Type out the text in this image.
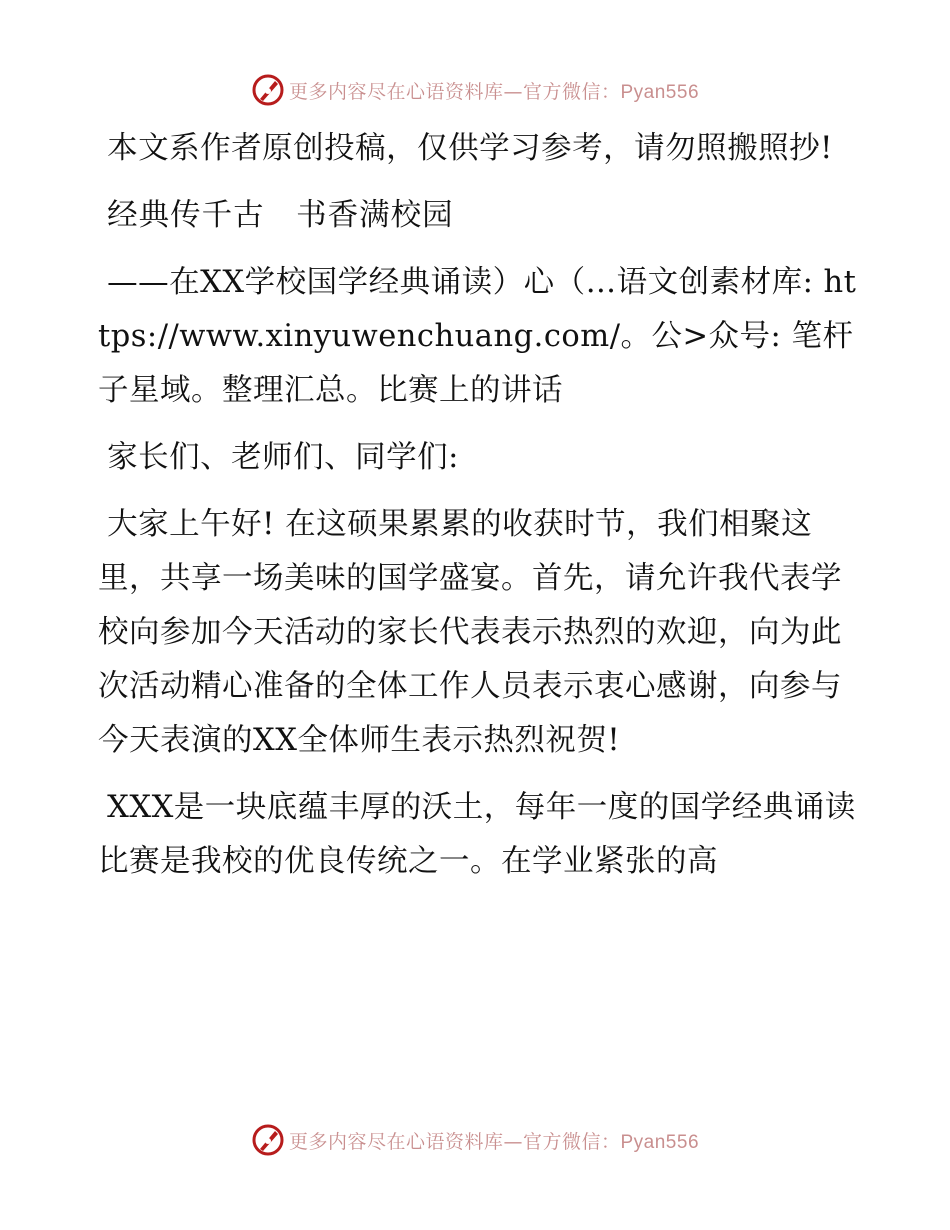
更多内容尽在心语资料库—官方微信：Pyan556

本文系作者原创投稿，仅供学习参考，请勿照搬照抄!

经典传千古　书香满校园

——在XX学校国学经典诵读）心（…语文创素材库: https://www.xinyuwenchuang.com/。公>众号: 笔杆子星域。整理汇总。比赛上的讲话

家长们、老师们、同学们:

大家上午好! 在这硕果累累的收获时节，我们相聚这里，共享一场美味的国学盛宴。首先，请允许我代表学校向参加今天活动的家长代表表示热烈的欢迎，向为此次活动精心准备的全体工作人员表示衷心感谢，向参与今天表演的XX全体师生表示热烈祝贺!

XXX是一块底蕴丰厚的沃土，每年一度的国学经典诵读比赛是我校的优良传统之一。在学业紧张的高

更多内容尽在心语资料库—官方微信：Pyan556
